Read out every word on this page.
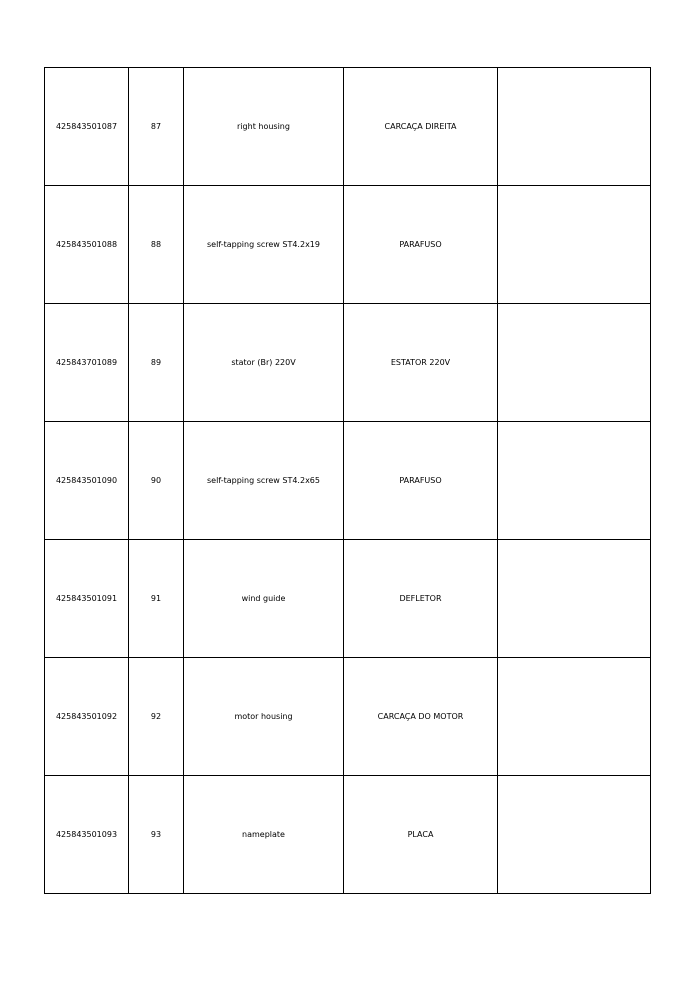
425843501087	87	right housing	CARCAÇA DIREITA	
425843501088	88	self-tapping screw ST4.2x19	PARAFUSO	
425843701089	89	stator (Br) 220V	ESTATOR 220V	
425843501090	90	self-tapping screw ST4.2x65	PARAFUSO	
425843501091	91	wind guide	DEFLETOR	
425843501092	92	motor housing	CARCAÇA DO MOTOR	
425843501093	93	nameplate	PLACA	
